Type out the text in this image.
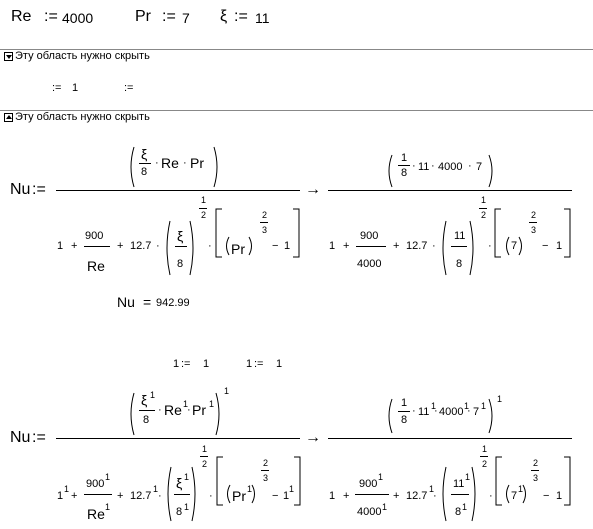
Re := 4000	Pr := 7 ξ := 11
Эту область нужно скрыть
:= 1	:=
Эту область нужно скрыть
Nu :=
ξ
8
· Re · Pr
1 +
900
Re
+ 12.7 ·
ξ
8
1
2
· Pr
2
3
− 1
→
1
8
· 11 · 4000 · 7
1 +
900
4000
+ 12.7 ·
11
8
1
2
· 7
2
3
− 1
Nu = 942.99
1 := 1	1 := 1
Nu :=
ξ 1
8
· Re 1
· Pr 1
1
1
1
+
900
1
Re 1
+ 12.7
1
·
ξ 1
8 1
1
2
· Pr 1
2
3
− 1
1
→
1
8
· 11 1
· 4000 1
· 7 1
1
1 +
900
1
4000 1
+ 12.7
1
·
11
1
8 1
1
2
· 7
1
2
3
− 1
